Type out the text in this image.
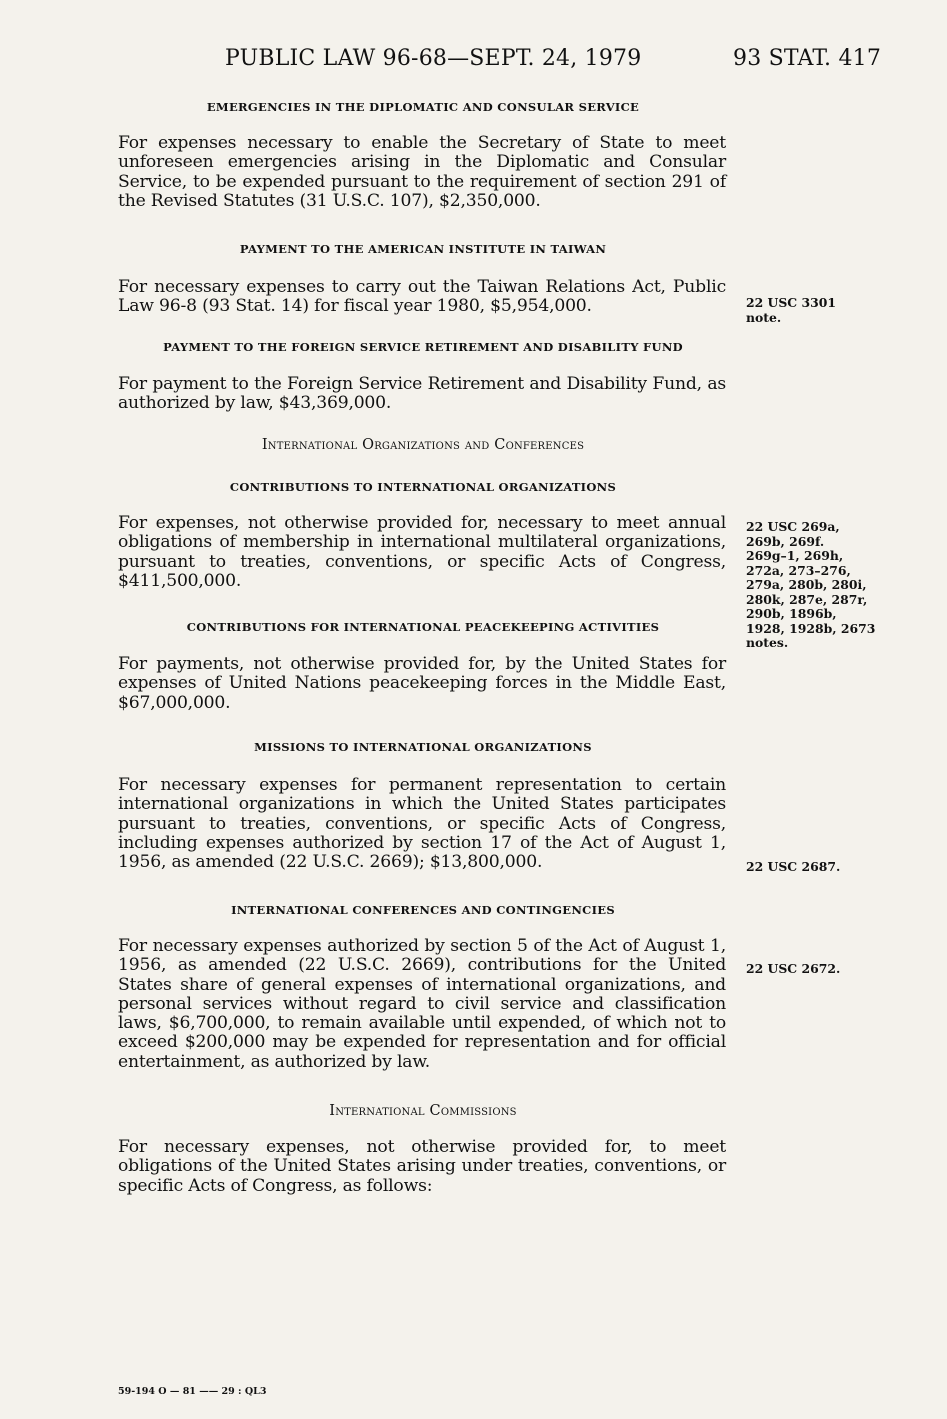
PUBLIC LAW 96-68—SEPT. 24, 1979	93 STAT. 417
EMERGENCIES IN THE DIPLOMATIC AND CONSULAR SERVICE
For expenses necessary to enable the Secretary of State to meet unforeseen emergencies arising in the Diplomatic and Consular Service, to be expended pursuant to the requirement of section 291 of the Revised Statutes (31 U.S.C. 107), $2,350,000.
PAYMENT TO THE AMERICAN INSTITUTE IN TAIWAN
For necessary expenses to carry out the Taiwan Relations Act, Public Law 96-8 (93 Stat. 14) for fiscal year 1980, $5,954,000.	22 USC 3301
note.
PAYMENT TO THE FOREIGN SERVICE RETIREMENT AND DISABILITY FUND
For payment to the Foreign Service Retirement and Disability Fund, as authorized by law, $43,369,000.
International Organizations and Conferences
CONTRIBUTIONS TO INTERNATIONAL ORGANIZATIONS
For expenses, not otherwise provided for, necessary to meet annual obligations of membership in international multilateral organizations, pursuant to treaties, conventions, or specific Acts of Congress, $411,500,000.
22 USC 269a,
269b, 269f.
269g–1, 269h,
272a, 273–276,
279a, 280b, 280i,
280k, 287e, 287r,
290b, 1896b,
1928, 1928b, 2673
notes.
CONTRIBUTIONS FOR INTERNATIONAL PEACEKEEPING ACTIVITIES
For payments, not otherwise provided for, by the United States for expenses of United Nations peacekeeping forces in the Middle East, $67,000,000.
MISSIONS TO INTERNATIONAL ORGANIZATIONS
For necessary expenses for permanent representation to certain international organizations in which the United States participates pursuant to treaties, conventions, or specific Acts of Congress, including expenses authorized by section 17 of the Act of August 1, 1956, as amended (22 U.S.C. 2669); $13,800,000.	22 USC 2687.
INTERNATIONAL CONFERENCES AND CONTINGENCIES
For necessary expenses authorized by section 5 of the Act of August 1, 1956, as amended (22 U.S.C. 2669), contributions for the United States share of general expenses of international organizations, and personal services without regard to civil service and classification laws, $6,700,000, to remain available until expended, of which not to exceed $200,000 may be expended for representation and for official entertainment, as authorized by law.
22 USC 2672.
International Commissions
For necessary expenses, not otherwise provided for, to meet obligations of the United States arising under treaties, conventions, or specific Acts of Congress, as follows:
59-194 O — 81 —— 29 : QL3
